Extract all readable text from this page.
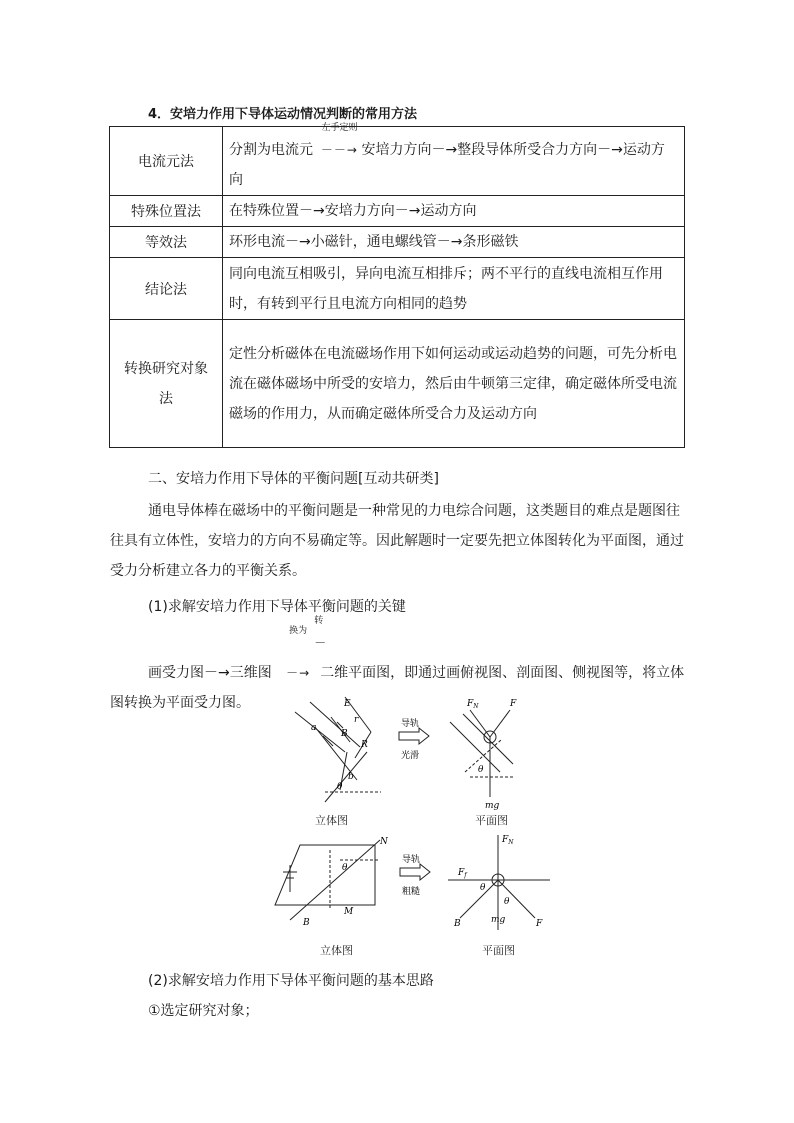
4．安培力作用下导体运动情况判断的常用方法
电流元法	分割为电流元
左手定则
－－→ 安培力方向－→整段导体所受合力方向－→运动方向
特殊位置法	在特殊位置－→安培力方向－→运动方向
等效法	环形电流－→小磁针，通电螺线管－→条形磁铁
结论法	同向电流互相吸引，异向电流互相排斥；两不平行的直线电流相互作用时，有转到平行且电流方向相同的趋势
转换研究对象法	定性分析磁体在电流磁场作用下如何运动或运动趋势的问题，可先分析电流在磁体磁场中所受的安培力，然后由牛顿第三定律，确定磁体所受电流磁场的作用力，从而确定磁体所受合力及运动方向
二、安培力作用下导体的平衡问题[互动共研类]
通电导体棒在磁场中的平衡问题是一种常见的力电综合问题，这类题目的难点是题图往往具有立体性，安培力的方向不易确定等。因此解题时一定要先把立体图转化为平面图，通过受力分析建立各力的平衡关系。
(1)求解安培力作用下导体平衡问题的关键
画受力图－→三维图
转换为
－－→ 二维平面图，即通过画俯视图、剖面图、侧视图等，将立体图转换为平面受力图。
a
E
r
R
B
b
θ
导轨
光滑
$F_N$	F
θ
mg
立体图	平面图
N
M
B
θ
导轨
粗糙
$F_N$
$F_f$
θ
θ
B	mg	F
立体图	平面图
(2)求解安培力作用下导体平衡问题的基本思路
①选定研究对象；
